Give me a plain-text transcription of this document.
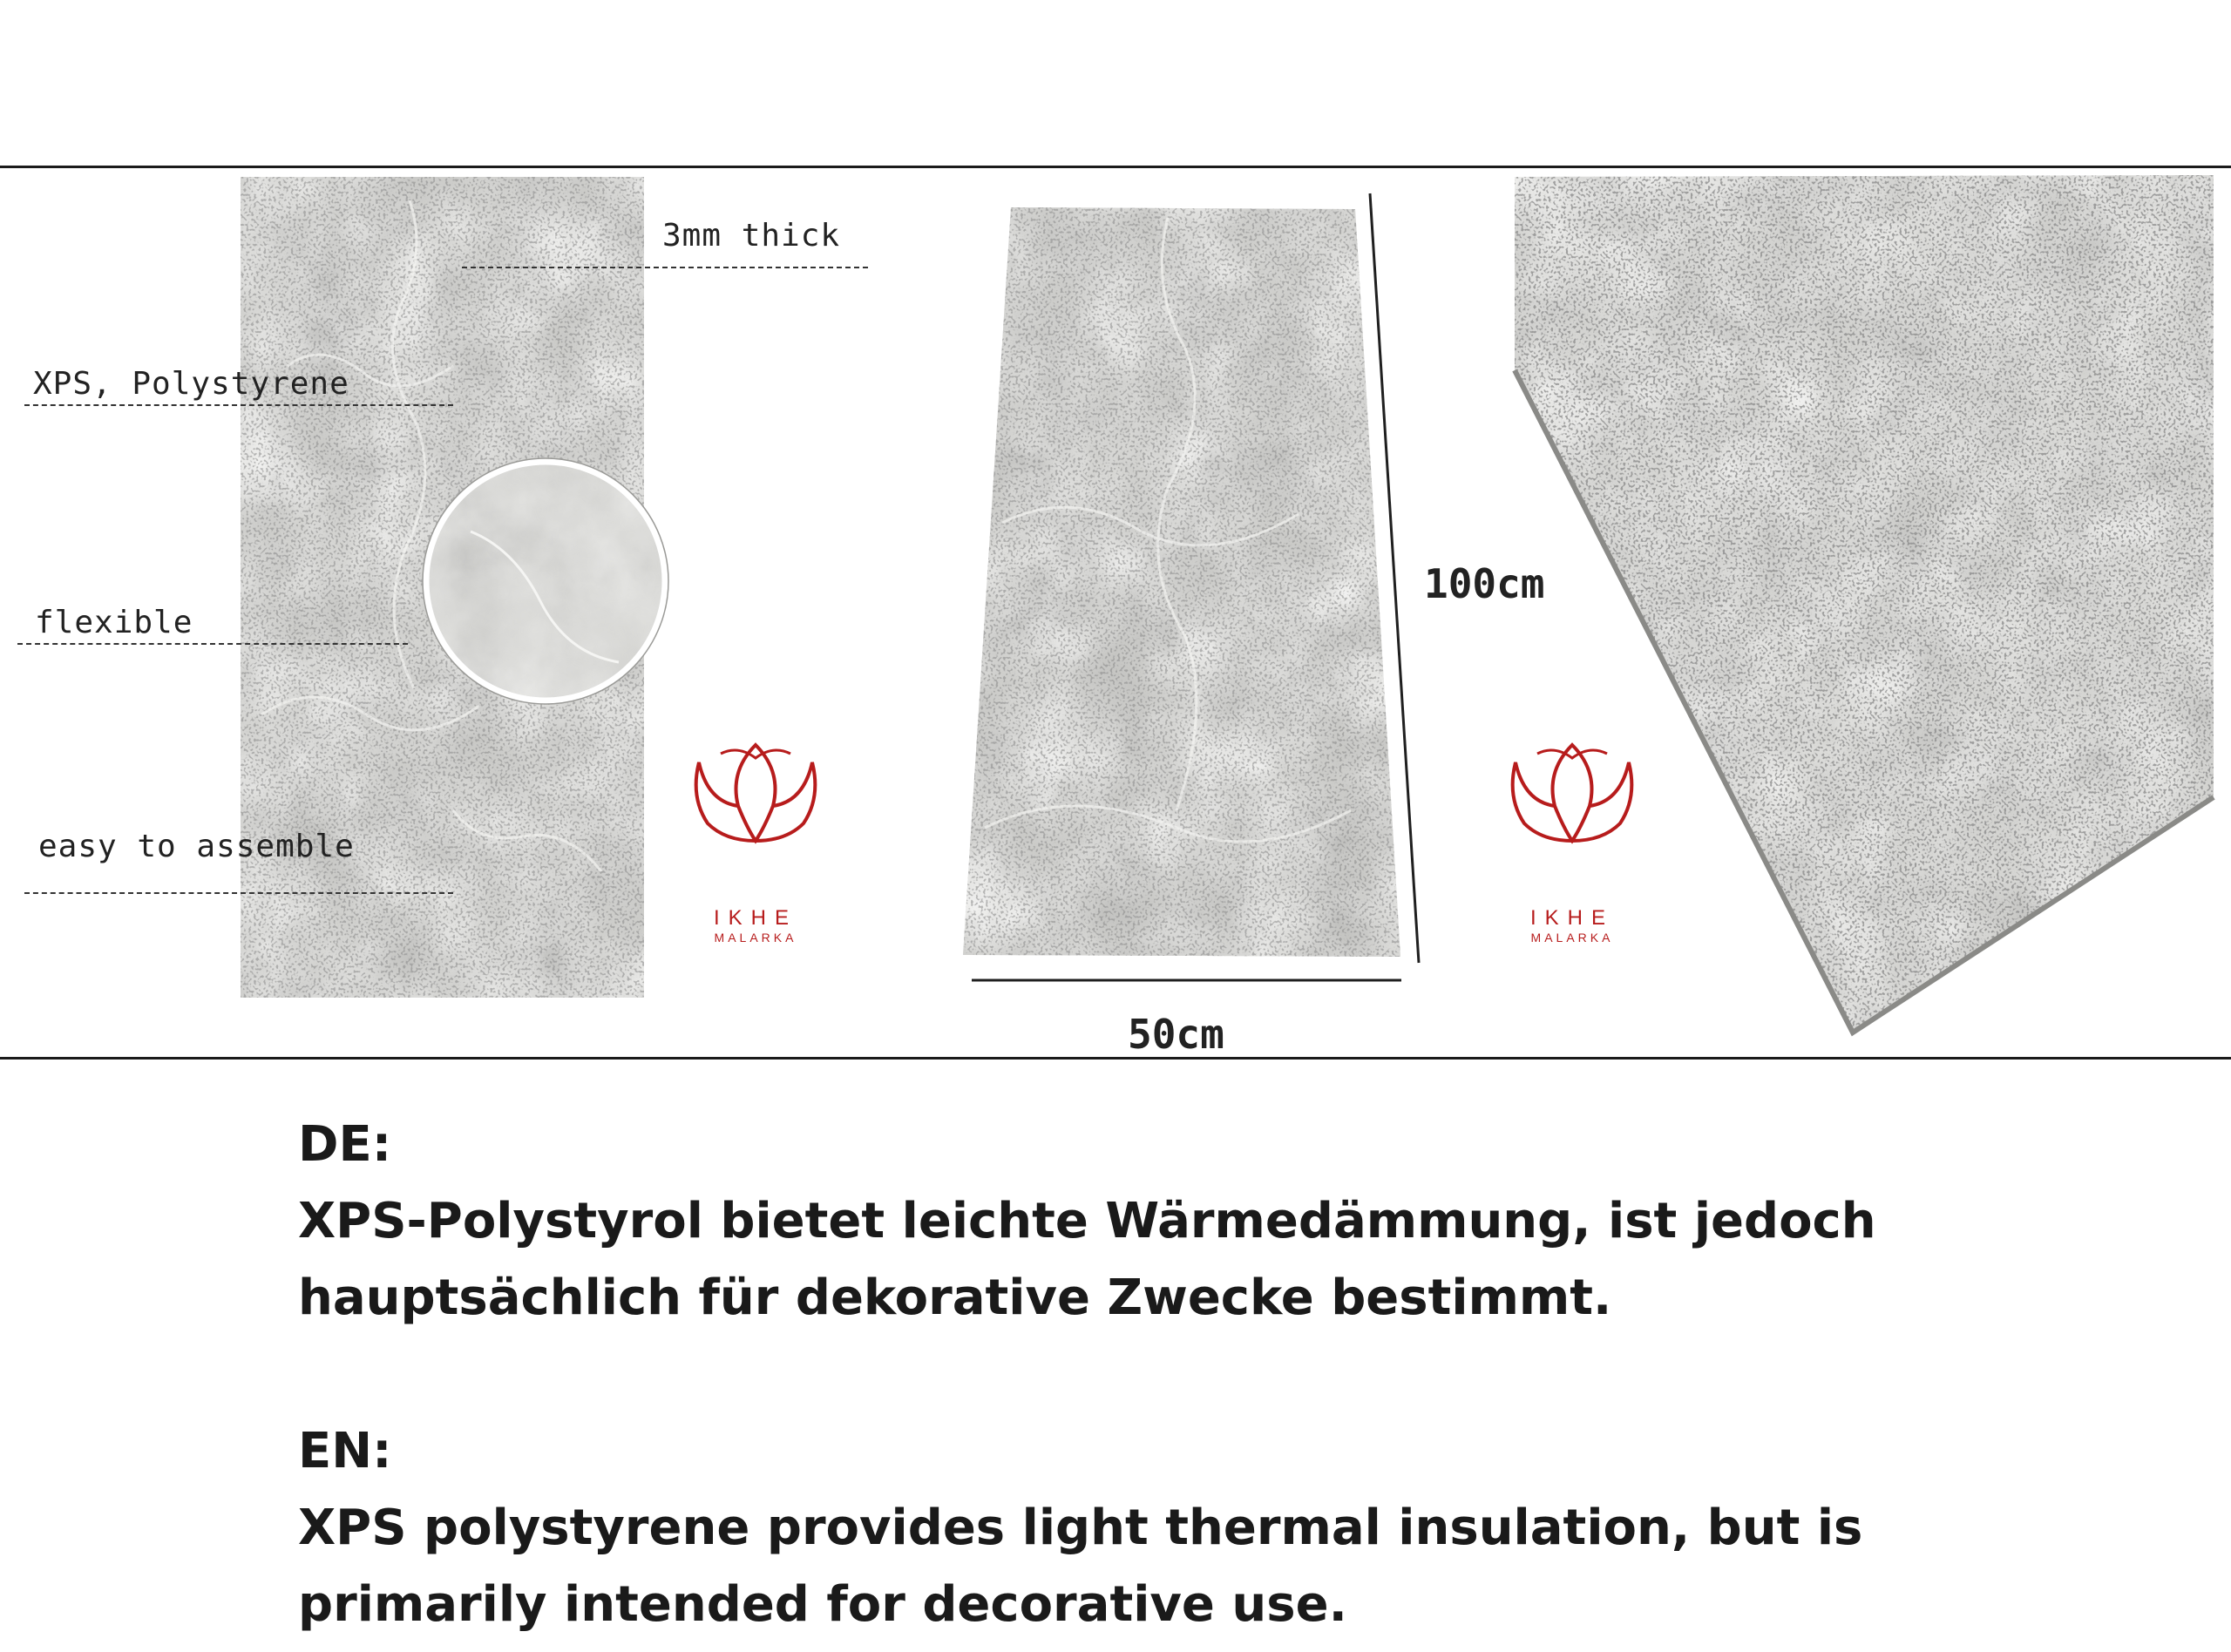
3mm thick
XPS, Polystyrene
flexible
easy to assemble
100cm
50cm
IKHE
MALARKA
IKHE
MALARKA

DE:

XPS-Polystyrol bietet leichte Wärmedämmung, ist jedoch hauptsächlich für dekorative Zwecke bestimmt.

EN:

XPS polystyrene provides light thermal insulation, but is primarily intended for decorative use.
